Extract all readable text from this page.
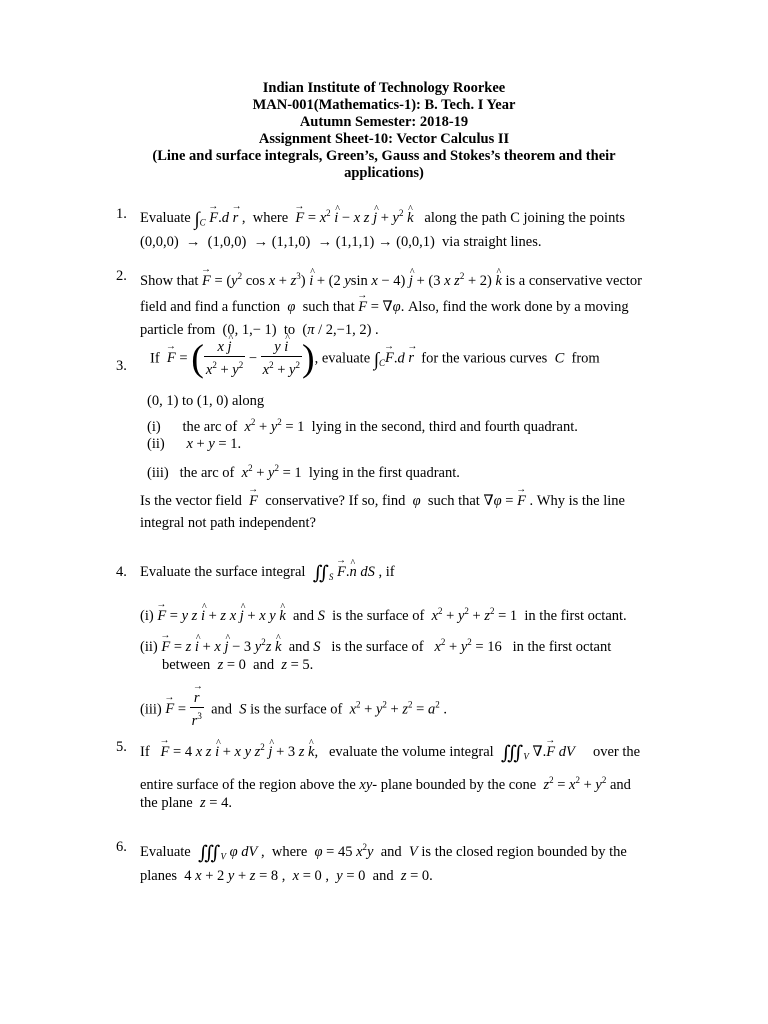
Indian Institute of Technology Roorkee
MAN-001(Mathematics-1): B. Tech. I Year
Autumn Semester: 2018-19
Assignment Sheet-10: Vector Calculus II
(Line and surface integrals, Green’s, Gauss and Stokes’s theorem and their
applications)
1. Evaluate $\int_C \to F.d \to r$ ,  where  → $F = x^2$ ^ i − x z ^ $j + y^2$ ^ k   along the path C joining the points
(0,0,0)  →  (1,0,0)  → (1,1,0)  → (1,1,1) → (0,0,1)  via straight lines.
2. Show that → $F = (y^2$ $\cos x + z^3$) ^ i + (2 ysin x − 4) ^ j + (3 x $z^2 + 2$) ^ k is a conservative vector
field and find a function  φ  such that → F = ∇φ. Also, find the work done by a moving
particle from  (0, 1,− 1)  to  (π / 2,−1, 2) .
3. If  → F = ( $\frac{x \^{} j}{x^2 + y^2} - \frac{y \^{} i}{x^2 + y^2}$ ), evaluate $\int_C\to F.d \to r$  for the various curves  C  from
(0, 1) to (1, 0) along
(i)      the arc of  $x^2 + y^2 = 1$  lying in the second, third and fourth quadrant.
(ii) x + y = 1.
(iii)   the arc of  $x^2 + y^2 = 1$  lying in the first quadrant.
Is the vector field  → F  conservative? If so, find  φ  such that ∇φ = → F . Why is the line
integral not path independent?
4. Evaluate the surface integral  $∬_S$ → F.^ n dS , if
(i) → F = y z ^ i + z x ^ j + x y ^ k  and S  is the surface of  $x^2 + y^2 + z^2 = 1$  in the first octant.
(ii) → F = z ^ i + x ^ j − 3 $y^2z$ ^ k  and S   is the surface of   $x^2 + y^2 = 16$   in the first octant
between  z = 0  and  z = 5.
(iii) → F = → $\frac{r}{r^3}$ and  S is the surface of  $x^2 + y^2 + z^2 = a^2$ .
5. If   → F = 4 x z ^ i + x y $z^2$ ^ j + 3 z ^ k,   evaluate the volume integral  $∭_V$ ∇.→ F dV     over the
entire surface of the region above the xy- plane bounded by the cone  $z^2 = x^2 + y^2$ and
the plane  z = 4.
6. Evaluate  $∭_V$ φ dV ,  where  φ = 45 $x^2y$  and  V is the closed region bounded by the
planes  4 x + 2 y + z = 8 ,  x = 0 ,  y = 0  and  z = 0.
